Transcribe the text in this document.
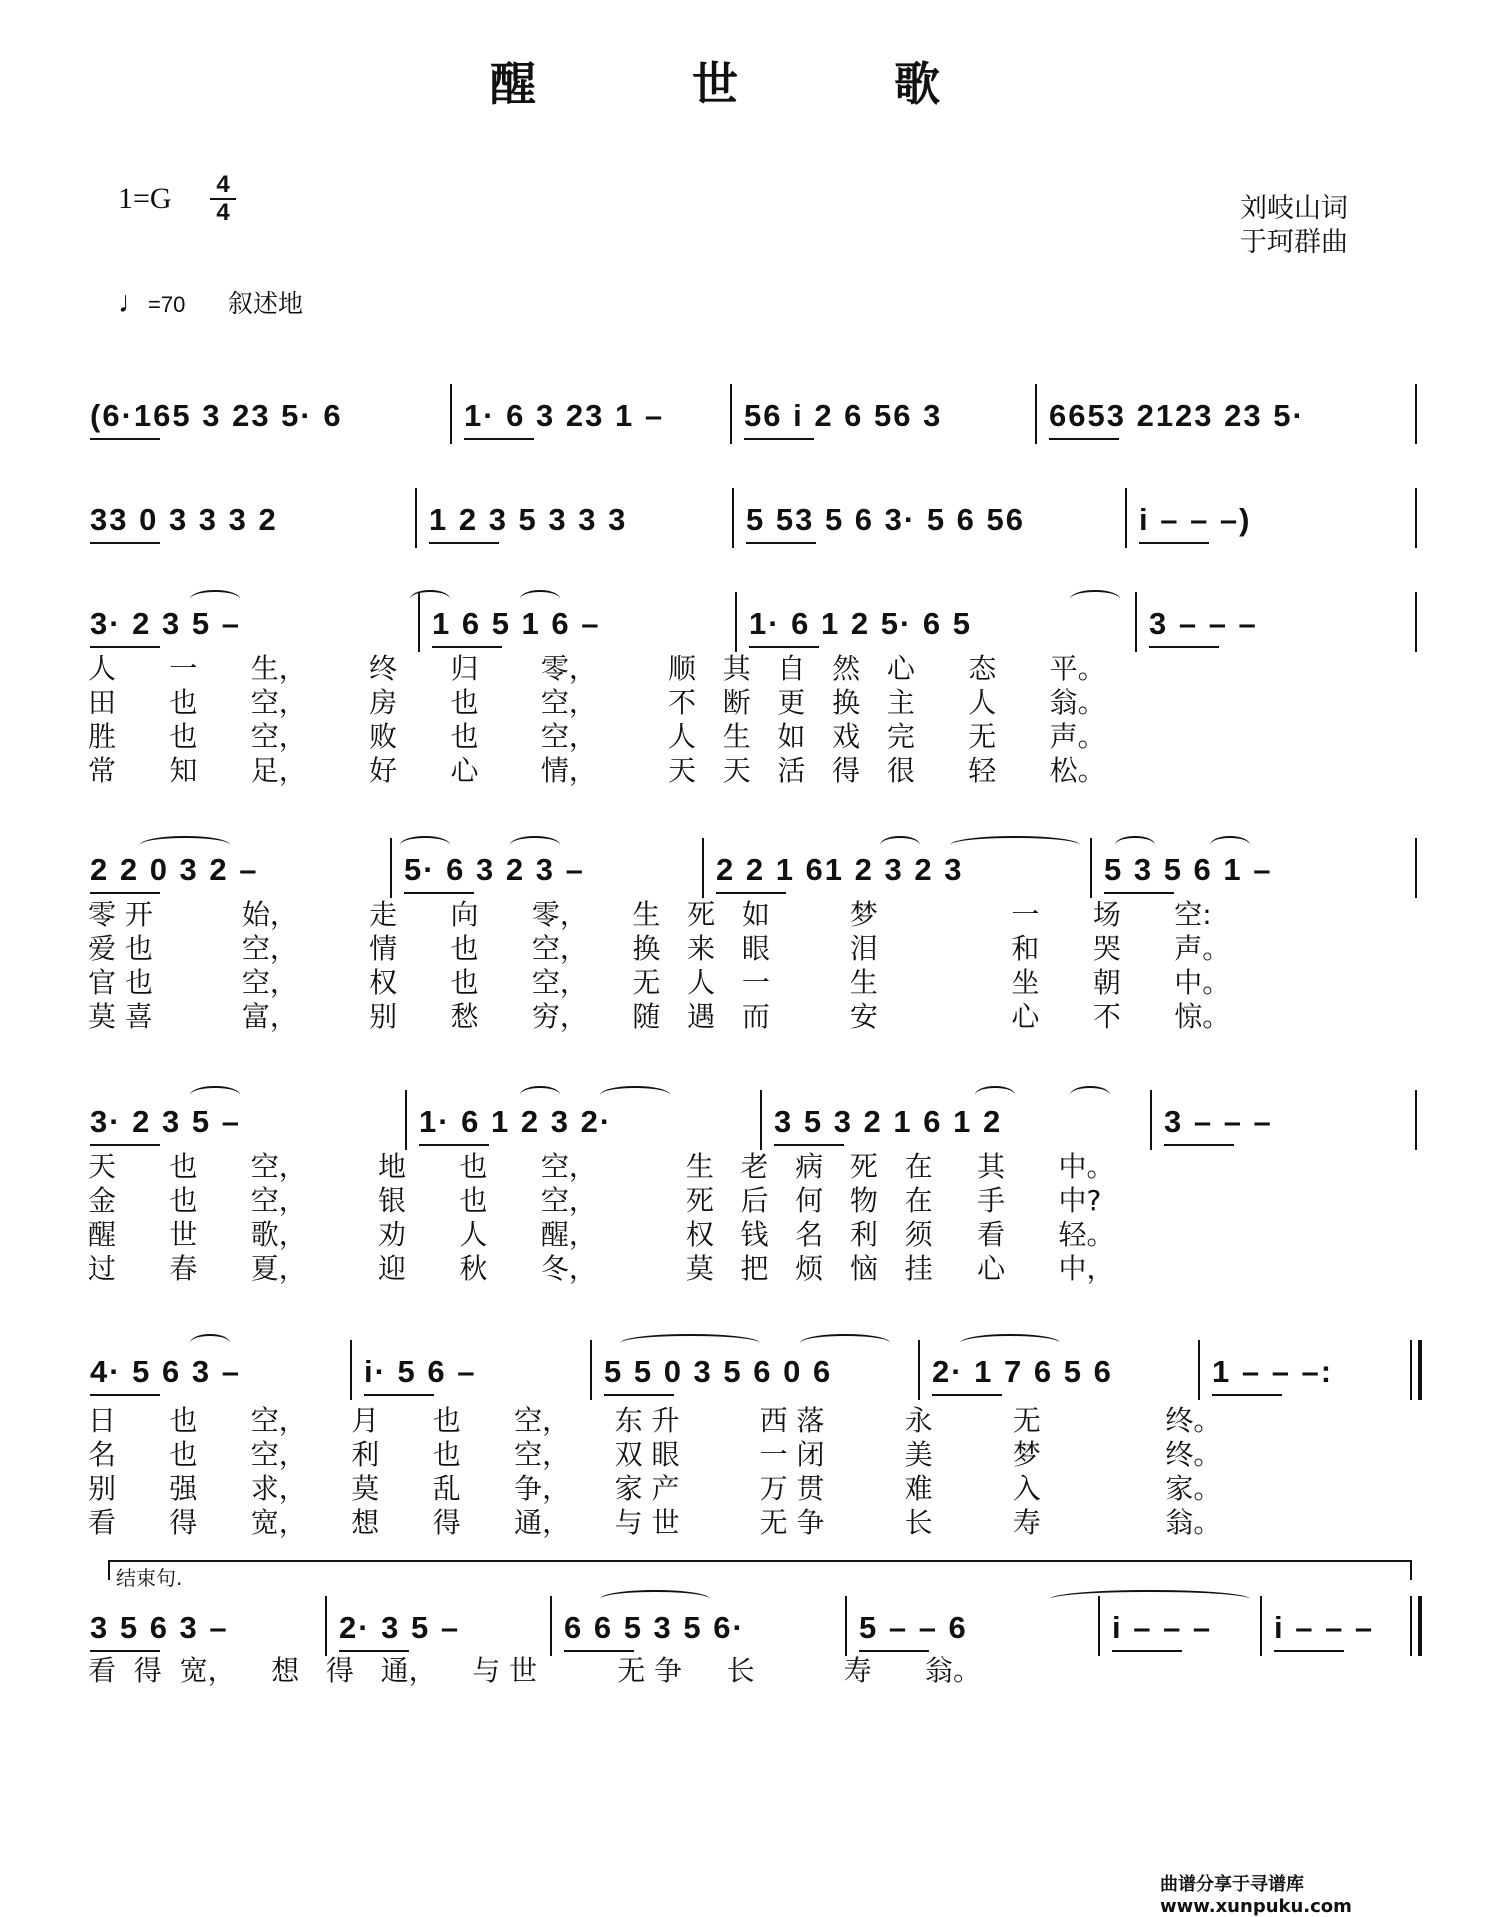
醒 世 歌
1=G 4
4	刘岐山词
于珂群曲
♩=70 叙述地
(6·165 3 23 5· 6	1· 6 3 23 1 –	56 i 2 6 56 3	6653 2123 23 5·
33 0 3 3 3 2	1 2 3 5 3 3 3	5 53 5 6 3· 5 6 56	i – – –)
3· 2 3 5 –	1 6 5 1 6 –	1· 6 1 2 5· 6 5	3 – – –
2 2 0 3 2 –	5· 6 3 2 3 –	2 2 1 61 2 3 2 3	5 3 5 6 1 –
3· 2 3 5 –	1· 6 1 2 3 2·	3 5 3 2 1 6 1 2	3 – – –
4· 5 6 3 –	i· 5 6 –	5 5 0 3 5 6 0 6	2· 1 7 6 5 6	1 – – –:
3 5 6 3 –	2· 3 5 –	6 6 5 3 5 6·	5 – – 6	i – – – i – – –
结束句.
曲谱分享于寻谱库 www.xunpuku.com
人      一      生，       终      归       零，        顺   其   自   然   心      态      平。
田      也      空，       房      也       空，        不   断   更   换   主      人      翁。
胜      也      空，       败      也       空，        人   生   如   戏   完      无      声。
常      知      足，       好      心       情，        天   天   活   得   很      轻      松。
零 开          始，        走      向      零，     生   死   如         梦               一      场      空:
爱 也          空，        情      也      空，     换   来   眼         泪               和      哭      声。
官 也          空，        权      也      空，     无   人   一         生               坐      朝      中。
莫 喜          富，        别      愁      穷，     随   遇   而         安               心      不      惊。
天      也      空，        地      也      空，          生   老   病   死   在     其      中。
金      也      空，        银      也      空，          死   后   何   物   在     手      中?
醒      世      歌，        劝      人      醒，          权   钱   名   利   须     看      轻。
过      春      夏，        迎      秋      冬，          莫   把   烦   恼   挂     心      中，
日      也      空，     月      也      空，     东 升         西 落         永         无              终。
名      也      空，     利      也      空，     双 眼         一 闭         美         梦              终。
别      强      求，     莫      乱      争，     家 产         万 贯         难         入              家。
看      得      宽，     想      得      通，     与 世         无 争         长         寿              翁。
看  得  宽，    想   得   通，    与 世         无 争     长          寿      翁。
